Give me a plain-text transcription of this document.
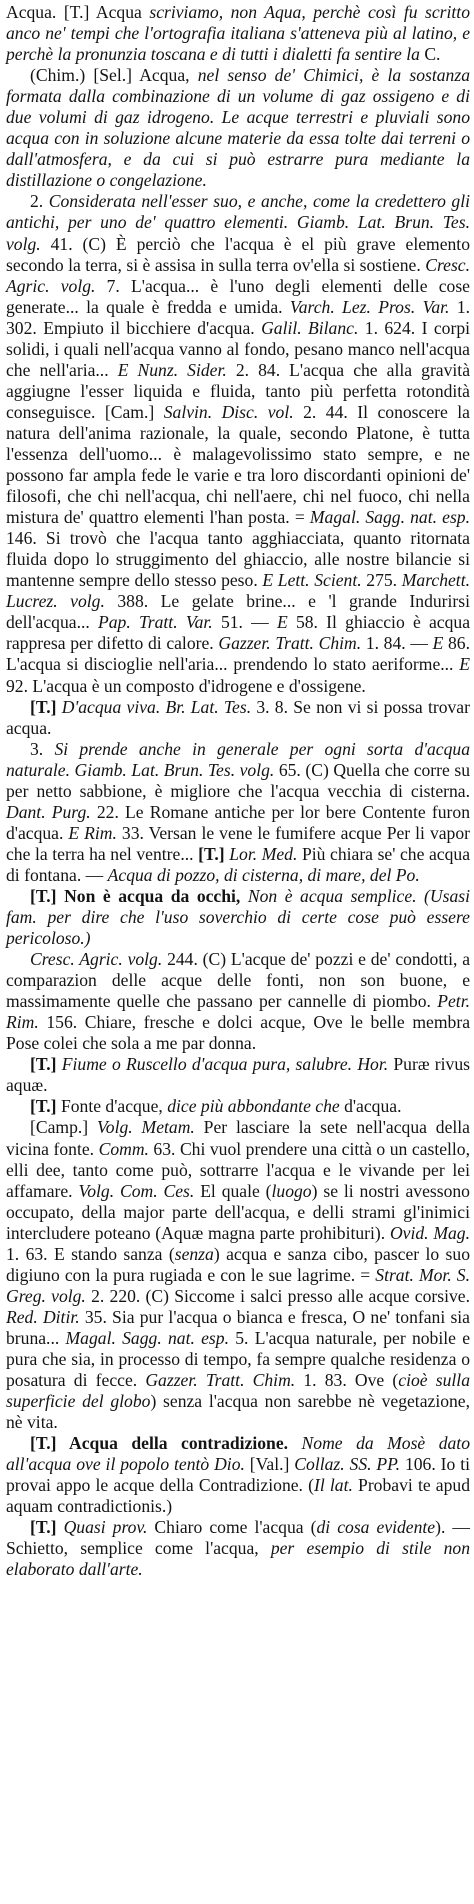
Acqua. [T.] Acqua scriviamo, non Aqua, perchè così fu scritto anco ne' tempi che l'ortografia italiana s'atteneva più al latino, e perchè la pronunzia toscana e di tutti i dialetti fa sentire la C.

(Chim.) [Sel.] Acqua, nel senso de' Chimici, è la sostanza formata dalla combinazione di un volume di gaz ossigeno e di due volumi di gaz idrogeno. Le acque terrestri e pluviali sono acqua con in soluzione alcune materie da essa tolte dai terreni o dall'atmosfera, e da cui si può estrarre pura mediante la distillazione o congelazione.

2. Considerata nell'esser suo, e anche, come la credettero gli antichi, per uno de' quattro elementi. Giamb. Lat. Brun. Tes. volg. 41. (C) È perciò che l'acqua è el più grave elemento secondo la terra, si è assisa in sulla terra ov'ella si sostiene. Cresc. Agric. volg. 7. L'acqua... è l'uno degli elementi delle cose generate... la quale è fredda e umida. Varch. Lez. Pros. Var. 1. 302. Empiuto il bicchiere d'acqua. Galil. Bilanc. 1. 624. I corpi solidi, i quali nell'acqua vanno al fondo, pesano manco nell'acqua che nell'aria... E Nunz. Sider. 2. 84. L'acqua che alla gravità aggiugne l'esser liquida e fluida, tanto più perfetta rotondità conseguisce. [Cam.] Salvin. Disc. vol. 2. 44. Il conoscere la natura dell'anima razionale, la quale, secondo Platone, è tutta l'essenza dell'uomo... è malagevolissimo stato sempre, e ne possono far ampla fede le varie e tra loro discordanti opinioni de' filosofi, che chi nell'acqua, chi nell'aere, chi nel fuoco, chi nella mistura de' quattro elementi l'han posta. = Magal. Sagg. nat. esp. 146. Si trovò che l'acqua tanto agghiacciata, quanto ritornata fluida dopo lo struggimento del ghiaccio, alle nostre bilancie si mantenne sempre dello stesso peso. E Lett. Scient. 275. Marchett. Lucrez. volg. 388. Le gelate brine... e 'l grande Indurirsi dell'acqua... Pap. Tratt. Var. 51. — E 58. Il ghiaccio è acqua rappresa per difetto di calore. Gazzer. Tratt. Chim. 1. 84. — E 86. L'acqua si discioglie nell'aria... prendendo lo stato aeriforme... E 92. L'acqua è un composto d'idrogene e d'ossigene.

[T.] D'acqua viva. Br. Lat. Tes. 3. 8. Se non vi si possa trovar acqua.

3. Si prende anche in generale per ogni sorta d'acqua naturale. Giamb. Lat. Brun. Tes. volg. 65. (C) Quella che corre su per netto sabbione, è migliore che l'acqua vecchia di cisterna. Dant. Purg. 22. Le Romane antiche per lor bere Contente furon d'acqua. E Rim. 33. Versan le vene le fumifere acque Per li vapor che la terra ha nel ventre... [T.] Lor. Med. Più chiara se' che acqua di fontana. — Acqua di pozzo, di cisterna, di mare, del Po.

[T.] Non è acqua da occhi, Non è acqua semplice. (Usasi fam. per dire che l'uso soverchio di certe cose può essere pericoloso.)

Cresc. Agric. volg. 244. (C) L'acque de' pozzi e de' condotti, a comparazion delle acque delle fonti, non son buone, e massimamente quelle che passano per cannelle di piombo. Petr. Rim. 156. Chiare, fresche e dolci acque, Ove le belle membra Pose colei che sola a me par donna.

[T.] Fiume o Ruscello d'acqua pura, salubre. Hor. Puræ rivus aquæ.

[T.] Fonte d'acque, dice più abbondante che d'acqua.

[Camp.] Volg. Metam. Per lasciare la sete nell'acqua della vicina fonte. Comm. 63. Chi vuol prendere una città o un castello, elli dee, tanto come può, sottrarre l'acqua e le vivande per lei affamare. Volg. Com. Ces. El quale (luogo) se li nostri avessono occupato, della major parte dell'acqua, e delli strami gl'inimici intercludere poteano (Aquæ magna parte prohibituri). Ovid. Mag. 1. 63. E stando sanza (senza) acqua e sanza cibo, pascer lo suo digiuno con la pura rugiada e con le sue lagrime. = Strat. Mor. S. Greg. volg. 2. 220. (C) Siccome i salci presso alle acque corsive. Red. Ditir. 35. Sia pur l'acqua o bianca e fresca, O ne' tonfani sia bruna... Magal. Sagg. nat. esp. 5. L'acqua naturale, per nobile e pura che sia, in processo di tempo, fa sempre qualche residenza o posatura di fecce. Gazzer. Tratt. Chim. 1. 83. Ove (cioè sulla superficie del globo) senza l'acqua non sarebbe nè vegetazione, nè vita.

[T.] Acqua della contradizione. Nome da Mosè dato all'acqua ove il popolo tentò Dio. [Val.] Collaz. SS. PP. 106. Io ti provai appo le acque della Contradizione. (Il lat. Probavi te apud aquam contradictionis.)

[T.] Quasi prov. Chiaro come l'acqua (di cosa evidente). — Schietto, semplice come l'acqua, per esempio di stile non elaborato dall'arte.
